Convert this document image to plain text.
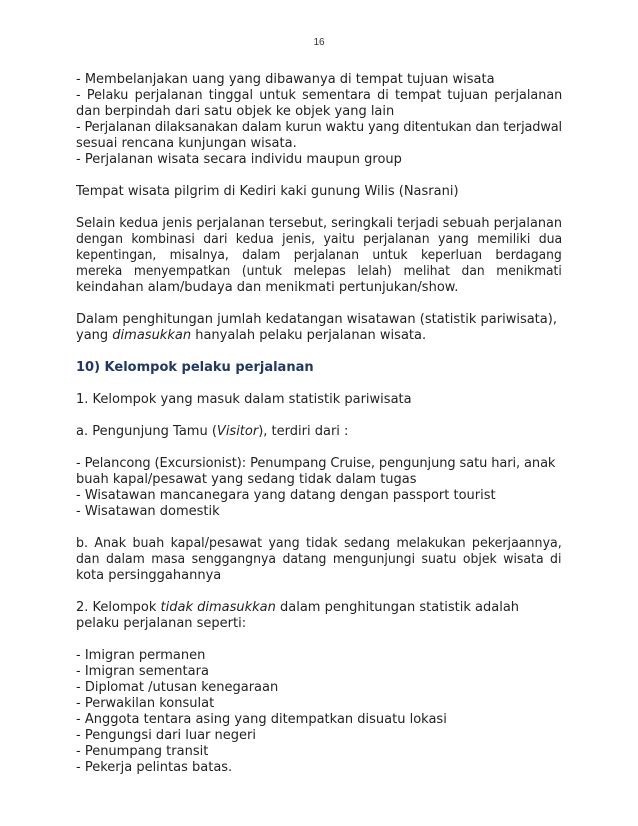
16
- Membelanjakan uang yang dibawanya di tempat tujuan wisata
- Pelaku perjalanan tinggal untuk sementara di tempat tujuan perjalanan
dan berpindah dari satu objek ke objek yang lain
- Perjalanan dilaksanakan dalam kurun waktu yang ditentukan dan terjadwal
sesuai rencana kunjungan wisata.
- Perjalanan wisata secara individu maupun group
Tempat wisata pilgrim di Kediri kaki gunung Wilis (Nasrani)
Selain kedua jenis perjalanan tersebut, seringkali terjadi sebuah perjalanan
dengan kombinasi dari kedua jenis, yaitu perjalanan yang memiliki dua
kepentingan, misalnya, dalam perjalanan untuk keperluan berdagang
mereka menyempatkan (untuk melepas lelah) melihat dan menikmati
keindahan alam/budaya dan menikmati pertunjukan/show.
Dalam penghitungan jumlah kedatangan wisatawan (statistik pariwisata),
yang dimasukkan hanyalah pelaku perjalanan wisata.
10) Kelompok pelaku perjalanan
1. Kelompok yang masuk dalam statistik pariwisata
a. Pengunjung Tamu (Visitor), terdiri dari :
- Pelancong (Excursionist): Penumpang Cruise, pengunjung satu hari, anak
buah kapal/pesawat yang sedang tidak dalam tugas
- Wisatawan mancanegara yang datang dengan passport tourist
- Wisatawan domestik
b. Anak buah kapal/pesawat yang tidak sedang melakukan pekerjaannya,
dan dalam masa senggangnya datang mengunjungi suatu objek wisata di
kota persinggahannya
2. Kelompok tidak dimasukkan dalam penghitungan statistik adalah
pelaku perjalanan seperti:
- Imigran permanen
- Imigran sementara
- Diplomat /utusan kenegaraan
- Perwakilan konsulat
- Anggota tentara asing yang ditempatkan disuatu lokasi
- Pengungsi dari luar negeri
- Penumpang transit
- Pekerja pelintas batas.
